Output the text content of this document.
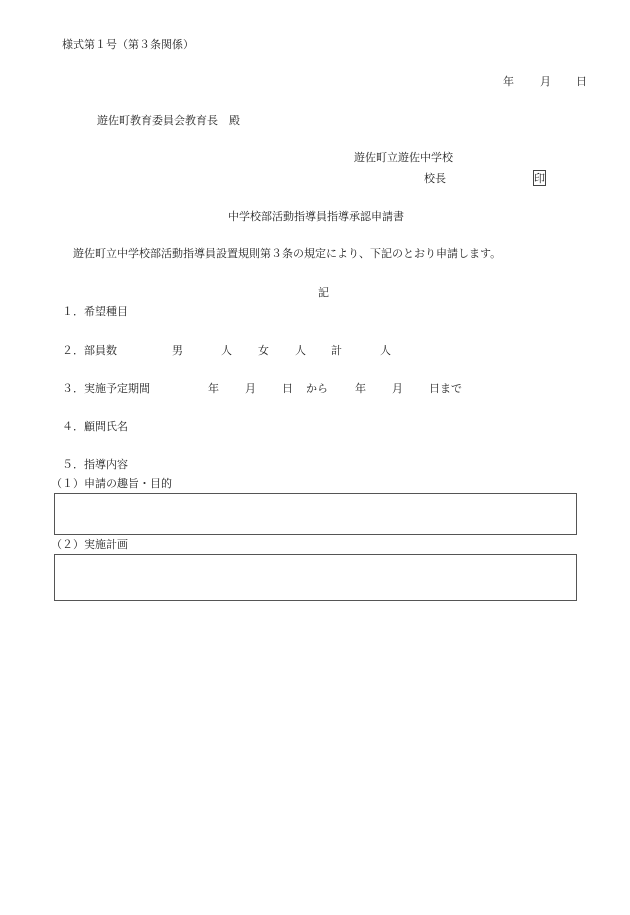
様式第１号（第３条関係）
年 月 日
遊佐町教育委員会教育長　殿
遊佐町立遊佐中学校
校長	印
中学校部活動指導員指導承認申請書
遊佐町立中学校部活動指導員設置規則第３条の規定により、下記のとおり申請します。
記
１．希望種目
２．部員数	男	人 女 人 計	人
３．実施予定期間	年 月 日 から 年 月 日まで
４．顧問氏名
５．指導内容
（１）申請の趣旨・目的
（２）実施計画
